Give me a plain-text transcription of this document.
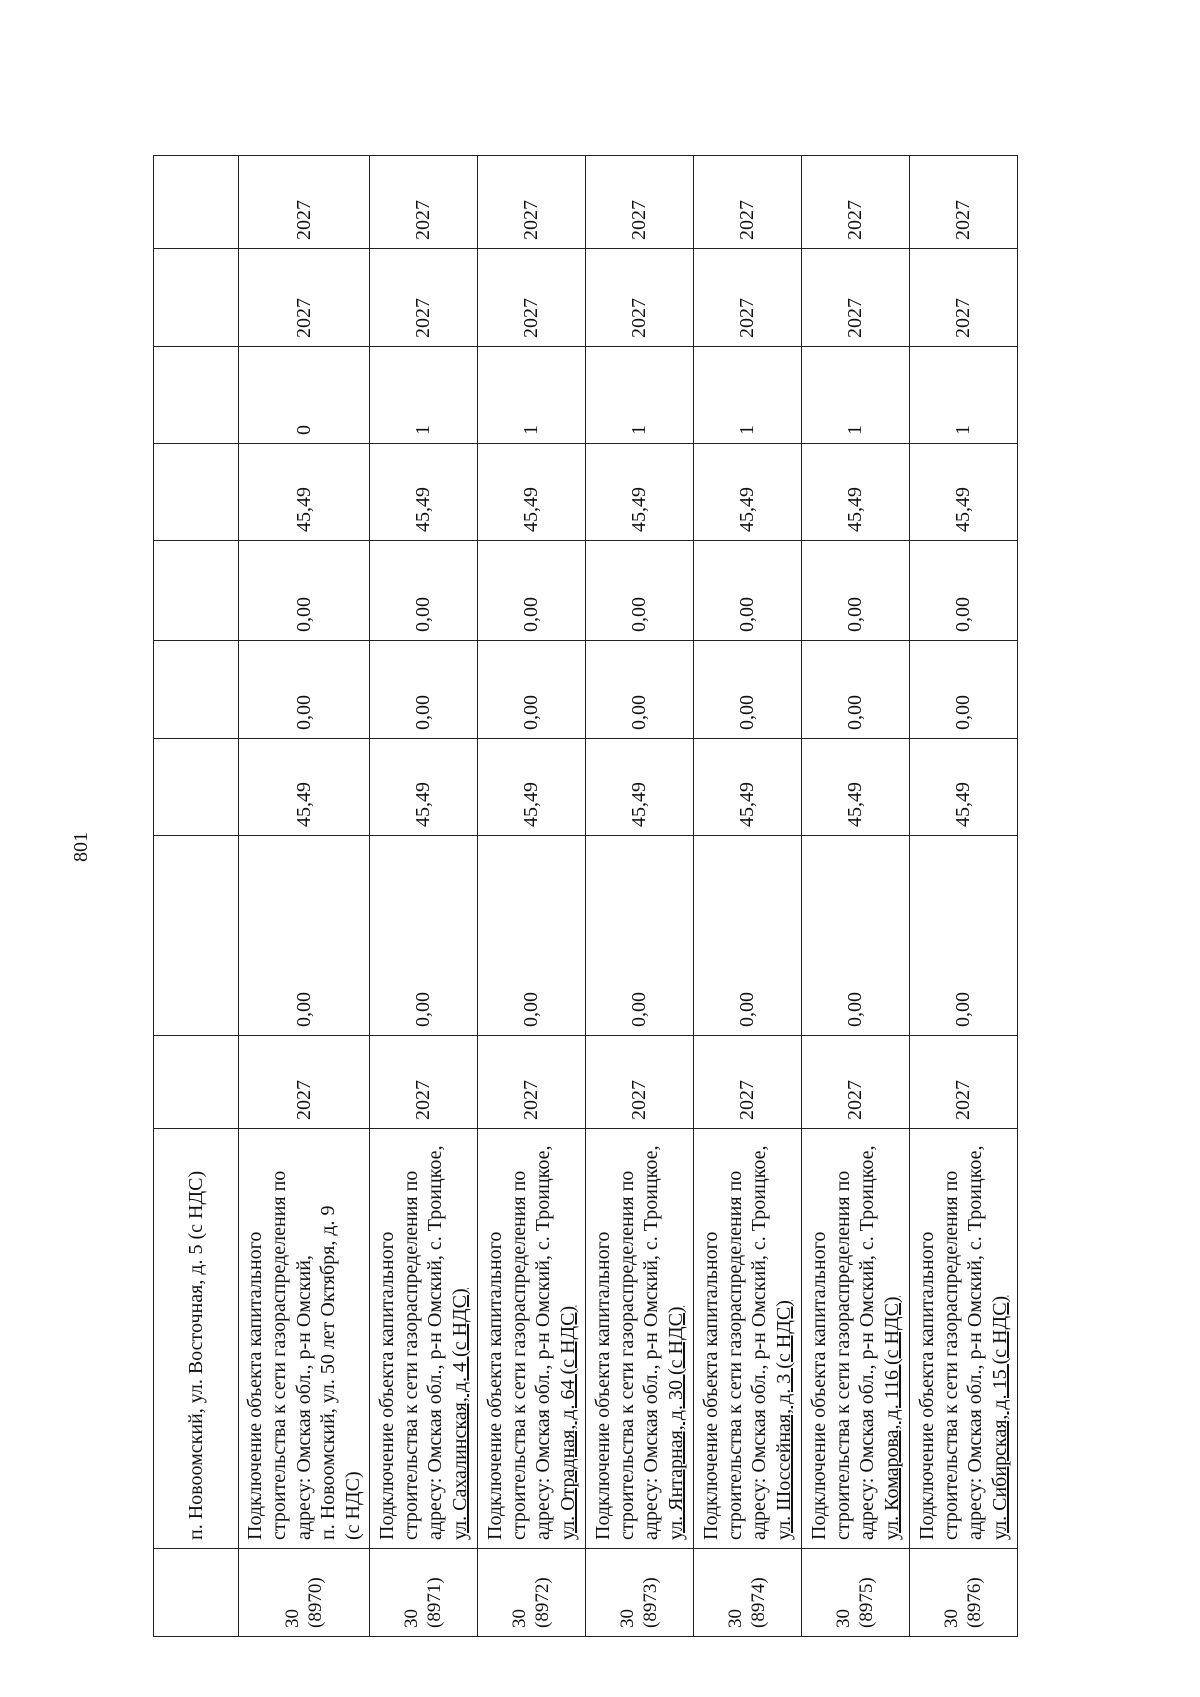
801
	п. Новоомский, ул. Восточная, д. 5 (с НДС)									

30 (8970)	Подключение объекта капитального строительства к сети газораспределения по адресу: Омская обл., р-н Омский, п. Новоомский, ул. 50 лет Октября, д. 9 (с НДС)	2027	0,00	45,49	0,00	0,00	45,49	0	2027	2027

30 (8971)	Подключение объекта капитального строительства к сети газораспределения по адресу: Омская обл., р-н Омский, с. Троицкое, ул. Сахалинская, д. 4 (с НДС)	2027	0,00	45,49	0,00	0,00	45,49	1	2027	2027

30 (8972)	Подключение объекта капитального строительства к сети газораспределения по адресу: Омская обл., р-н Омский, с. Троицкое, ул. Отрадная, д. 64 (с НДС)	2027	0,00	45,49	0,00	0,00	45,49	1	2027	2027

30 (8973)	Подключение объекта капитального строительства к сети газораспределения по адресу: Омская обл., р-н Омский, с. Троицкое, ул. Янтарная, д. 30 (с НДС)	2027	0,00	45,49	0,00	0,00	45,49	1	2027	2027

30 (8974)	Подключение объекта капитального строительства к сети газораспределения по адресу: Омская обл., р-н Омский, с. Троицкое, ул. Шоссейная, д. 3 (с НДС)	2027	0,00	45,49	0,00	0,00	45,49	1	2027	2027

30 (8975)	Подключение объекта капитального строительства к сети газораспределения по адресу: Омская обл., р-н Омский, с. Троицкое, ул. Комарова, д. 116 (с НДС)	2027	0,00	45,49	0,00	0,00	45,49	1	2027	2027

30 (8976)	Подключение объекта капитального строительства к сети газораспределения по адресу: Омская обл., р-н Омский, с. Троицкое, ул. Сибирская, д. 15 (с НДС)	2027	0,00	45,49	0,00	0,00	45,49	1	2027	2027
